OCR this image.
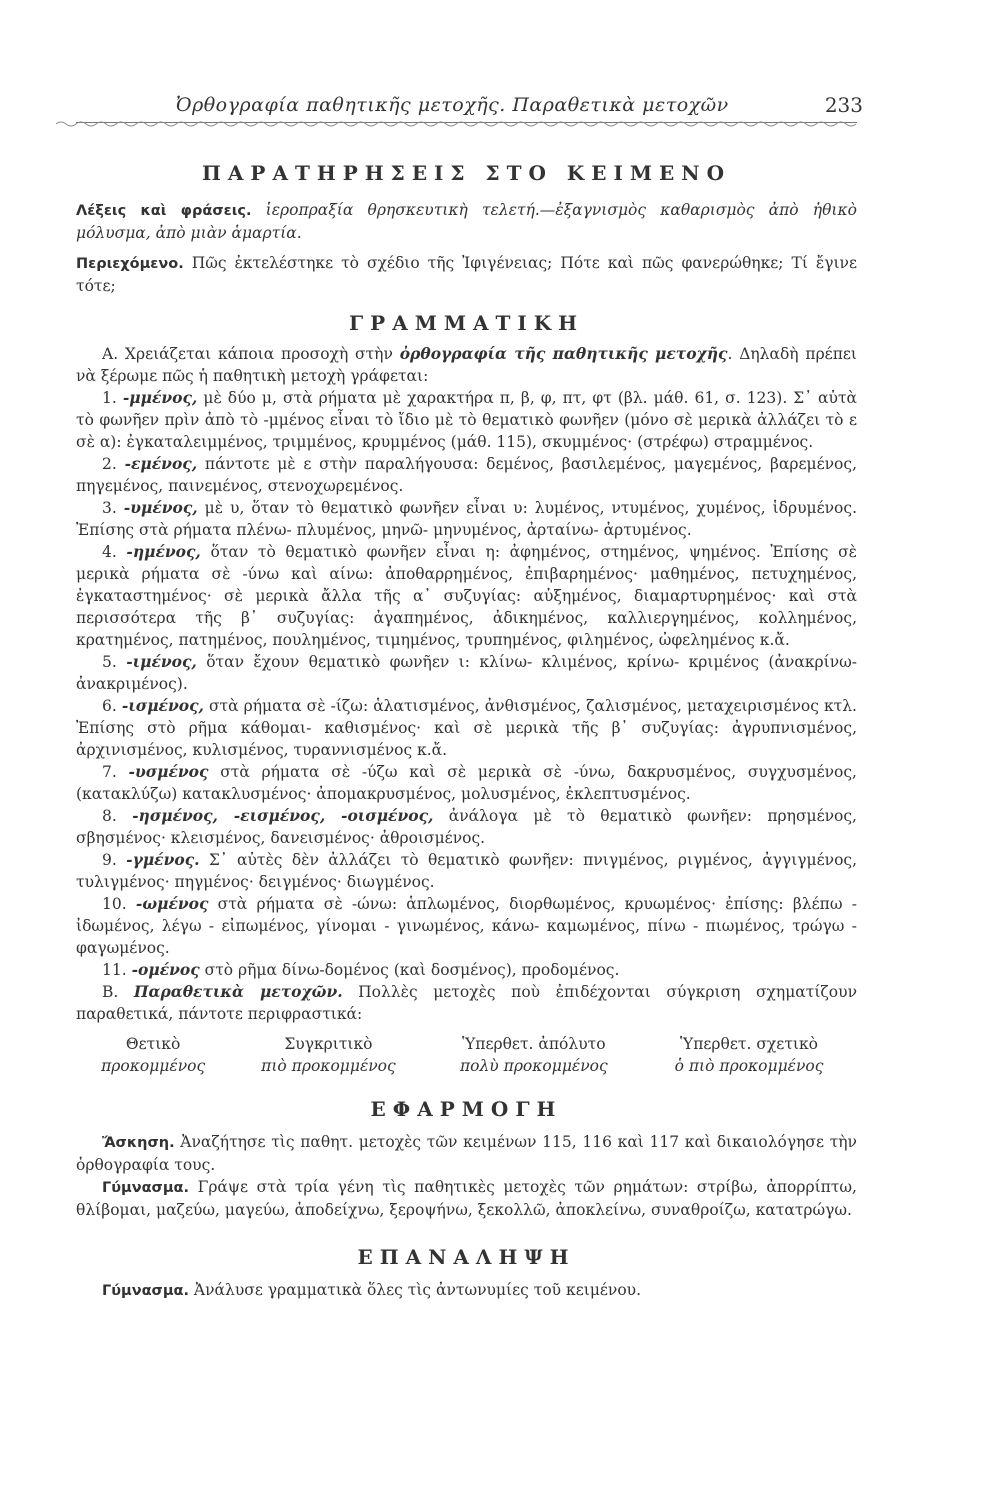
Ὀρθογραφία παθητικῆς μετοχῆς. Παραθετικὰ μετοχῶν	233
ΠΑΡΑΤΗΡΗΣΕΙΣ ΣΤΟ ΚΕΙΜΕΝΟ

Λέξεις καὶ φράσεις. ἱεροπραξία θρησκευτικὴ τελετή.—ἐξαγνισμὸς καθαρισμὸς ἀπὸ ἠθικὸ μόλυσμα, ἀπὸ μιὰν ἁμαρτία.

Περιεχόμενο. Πῶς ἐκτελέστηκε τὸ σχέδιο τῆς Ἰφιγένειας; Πότε καὶ πῶς φανερώθηκε; Τί ἔγινε τότε;

ΓΡΑΜΜΑΤΙΚΗ

Α. Χρειάζεται κάποια προσοχὴ στὴν ὀρθογραφία τῆς παθητικῆς μετοχῆς. Δηλαδὴ πρέπει νὰ ξέρωμε πῶς ἡ παθητικὴ μετοχὴ γράφεται:

1. -μμένος, μὲ δύο μ, στὰ ρήματα μὲ χαρακτήρα π, β, φ, πτ, φτ (βλ. μάθ. 61, σ. 123). Σ᾽ αὐτὰ τὸ φωνῆεν πρὶν ἀπὸ τὸ -μμένος εἶναι τὸ ἴδιο μὲ τὸ θεματικὸ φωνῆεν (μόνο σὲ μερικὰ ἀλλάζει τὸ ε σὲ α): ἐγκαταλειμμένος, τριμμένος, κρυμμένος (μάθ. 115), σκυμμένος· (στρέφω) στραμμένος.

2. -εμένος, πάντοτε μὲ ε στὴν παραλήγουσα: δεμένος, βασιλεμένος, μαγεμένος, βαρεμένος, πηγεμένος, παινεμένος, στενοχωρεμένος.

3. -υμένος, μὲ υ, ὅταν τὸ θεματικὸ φωνῆεν εἶναι υ: λυμένος, ντυμένος, χυμένος, ἱδρυμένος. Ἐπίσης στὰ ρήματα πλένω- πλυμένος, μηνῶ- μηνυμένος, ἀρταίνω- ἀρτυμένος.

4. -ημένος, ὅταν τὸ θεματικὸ φωνῆεν εἶναι η: ἀφημένος, στημένος, ψημένος. Ἐπίσης σὲ μερικὰ ρήματα σὲ -ύνω καὶ αίνω: ἀποθαρρημένος, ἐπιβαρημένος· μαθημένος, πετυχημένος, ἐγκαταστημένος· σὲ μερικὰ ἄλλα τῆς α᾽ συζυγίας: αὐξημένος, διαμαρτυρημένος· καὶ στὰ περισσότερα τῆς β᾽ συζυγίας: ἀγαπημένος, ἀδικημένος, καλλιεργημένος, κολλημένος, κρατημένος, πατημένος, πουλημένος, τιμημένος, τρυπημένος, φιλημένος, ὠφελημένος κ.ἄ.

5. -ιμένος, ὅταν ἔχουν θεματικὸ φωνῆεν ι: κλίνω- κλιμένος, κρίνω- κριμένος (ἀνακρίνω- ἀνακριμένος).

6. -ισμένος, στὰ ρήματα σὲ -ίζω: ἁλατισμένος, ἀνθισμένος, ζαλισμένος, μεταχειρισμένος κτλ. Ἐπίσης στὸ ρῆμα κάθομαι- καθισμένος· καὶ σὲ μερικὰ τῆς β᾽ συζυγίας: ἀγρυπνισμένος, ἀρχινισμένος, κυλισμένος, τυραννισμένος κ.ἄ.

7. -υσμένος στὰ ρήματα σὲ -ύζω καὶ σὲ μερικὰ σὲ -ύνω, δακρυσμένος, συγχυσμένος, (κατακλύζω) κατακλυσμένος· ἀπομακρυσμένος, μολυσμένος, ἐκλεπτυσμένος.

8. -ησμένος, -εισμένος, -οισμένος, ἀνάλογα μὲ τὸ θεματικὸ φωνῆεν: πρησμένος, σβησμένος· κλεισμένος, δανεισμένος· ἀθροισμένος.

9. -γμένος. Σ᾽ αὐτὲς δὲν ἀλλάζει τὸ θεματικὸ φωνῆεν: πνιγμένος, ριγμένος, ἀγγιγμένος, τυλιγμένος· πηγμένος· δειγμένος· διωγμένος.

10. -ωμένος στὰ ρήματα σὲ -ώνω: ἁπλωμένος, διορθωμένος, κρυωμένος· ἐπίσης: βλέπω - ἰδωμένος, λέγω - εἰπωμένος, γίνομαι - γινωμένος, κάνω- καμωμένος, πίνω - πιωμένος, τρώγω - φαγωμένος.

11. -ομένος στὸ ρῆμα δίνω-δομένος (καὶ δοσμένος), προδομένος.

Β. Παραθετικὰ μετοχῶν. Πολλὲς μετοχὲς ποὺ ἐπιδέχονται σύγκριση σχηματίζουν παραθετικά, πάντοτε περιφραστικά:

Θετικὸ	Συγκριτικὸ	Ὑπερθετ. ἀπόλυτο	Ὑπερθετ. σχετικὸ
προκομμένος	πιὸ προκομμένος	πολὺ προκομμένος	ὁ πιὸ προκομμένος
ΕΦΑΡΜΟΓΗ

Ἄσκηση. Ἀναζήτησε τὶς παθητ. μετοχὲς τῶν κειμένων 115, 116 καὶ 117 καὶ δικαιολόγησε τὴν ὀρθογραφία τους.

Γύμνασμα. Γράψε στὰ τρία γένη τὶς παθητικὲς μετοχὲς τῶν ρημάτων: στρίβω, ἀπορρίπτω, θλίβομαι, μαζεύω, μαγεύω, ἀποδείχνω, ξεροψήνω, ξεκολλῶ, ἀποκλείνω, συναθροίζω, κατατρώγω.

ΕΠΑΝΑΛΗΨΗ

Γύμνασμα. Ἀνάλυσε γραμματικὰ ὅλες τὶς ἀντωνυμίες τοῦ κειμένου.
